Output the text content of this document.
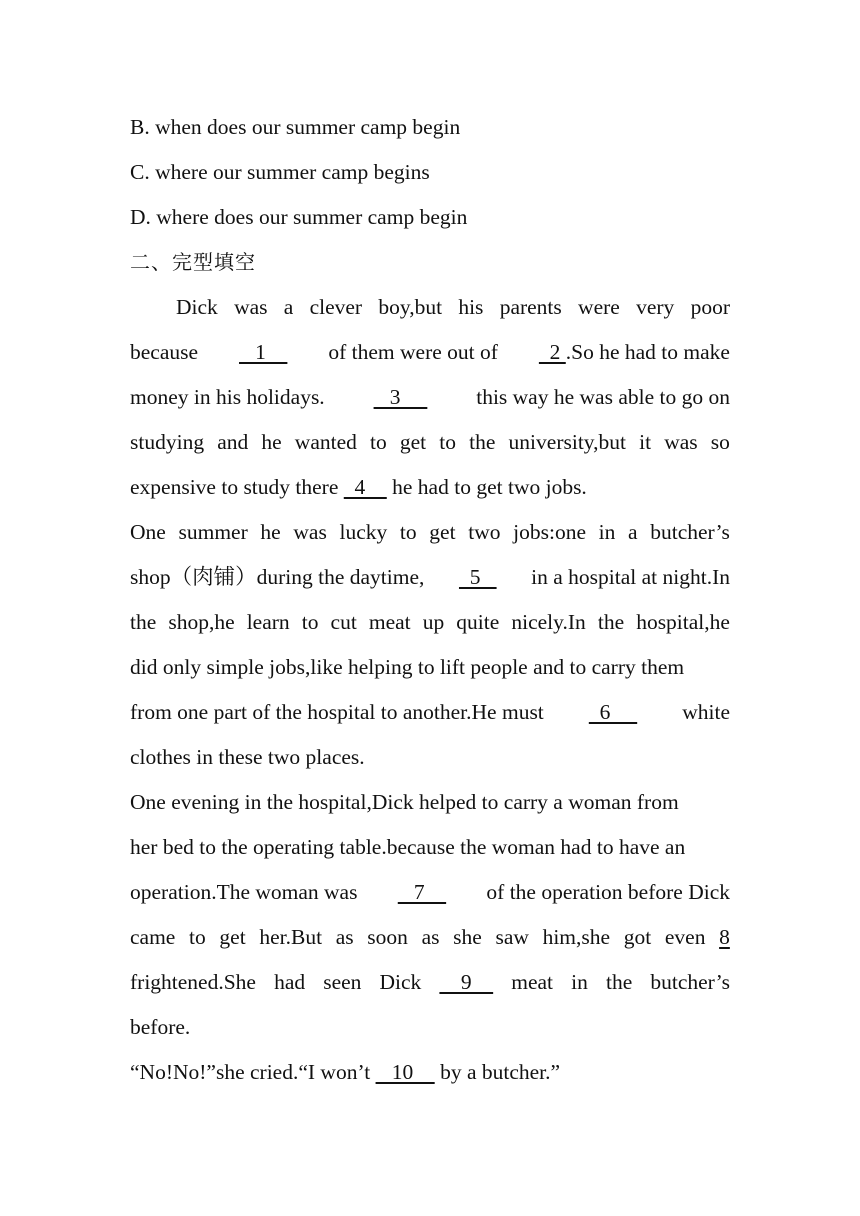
B. when does our summer camp begin
C. where our summer camp begins
D. where does our summer camp begin
二、完型填空
Dick was a clever boy,but his parents were very poor
because 1 of them were out of 2 .So he had to make
money in his holidays. 3 this way he was able to go on
studying and he wanted to get to the university,but it was so
expensive to study there   4     he had to get two jobs.
One summer he was lucky to get two jobs:one in a butcher’s
shop（肉铺）during the daytime, 5 in a hospital at night.In
the shop,he learn to cut meat up quite nicely.In the hospital,he
did only simple jobs,like helping to lift people and to carry them
from one part of the hospital to another.He must 6 white
clothes in these two places.
One evening in the hospital,Dick helped to carry a woman from
her bed to the operating table.because the woman had to have an
operation.The woman was 7 of the operation before Dick
came to get her.But as soon as she saw him,she got even 8
frightened.She had seen Dick 9 meat in the butcher’s
before.
“No!No!”she cried.“I won’t    10     by a butcher.”
